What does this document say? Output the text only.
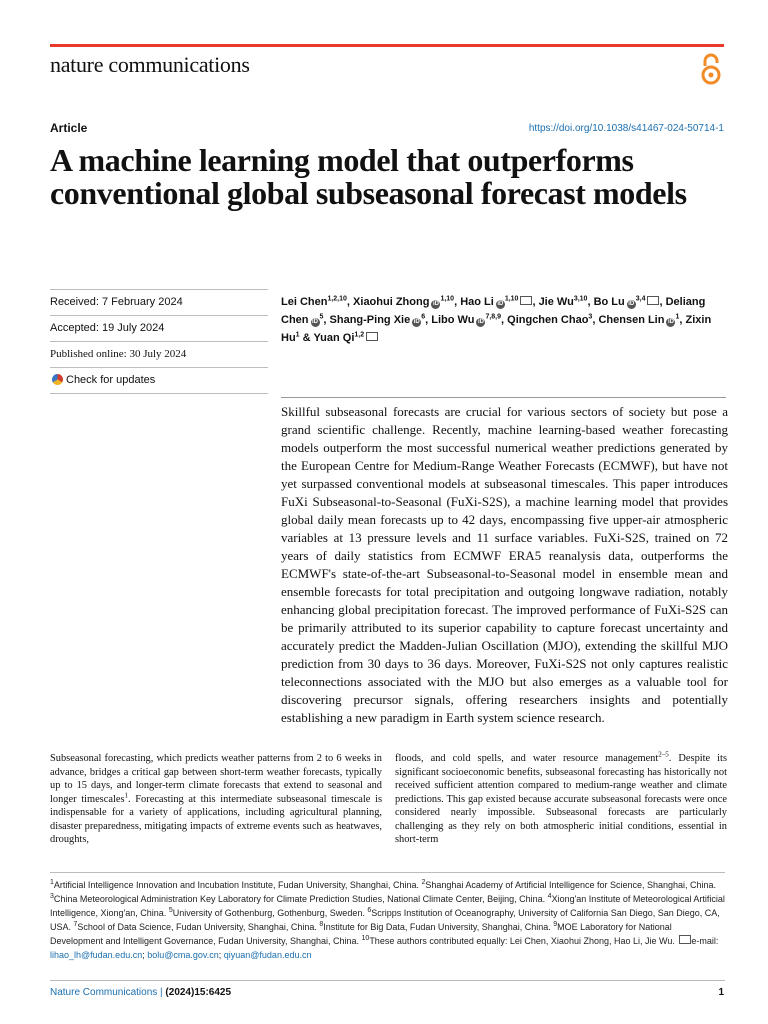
nature communications
Article	https://doi.org/10.1038/s41467-024-50714-1
A machine learning model that outperforms conventional global subseasonal forecast models
Received: 7 February 2024
Accepted: 19 July 2024
Published online: 30 July 2024
Check for updates
Lei Chen$^{1,2,10}$, Xiaohui Zhong iD$^{1,10}$, Hao Li iD$^{1,10}$ , Jie Wu$^{3,10}$, Bo Lu iD$^{3,4}$ , Deliang Chen $iD^5$, Shang-Ping Xie $iD^6$, Libo Wu iD$^{7,8,9}$, Qingchen Chao$^3$, Chensen Lin $iD^1$, Zixin Hu$^1$ & Yuan Qi$^{1,2}$

Skillful subseasonal forecasts are crucial for various sectors of society but pose a grand scientific challenge. Recently, machine learning-based weather forecasting models outperform the most successful numerical weather predictions generated by the European Centre for Medium-Range Weather Forecasts (ECMWF), but have not yet surpassed conventional models at subseasonal timescales. This paper introduces FuXi Subseasonal-to-Seasonal (FuXi-S2S), a machine learning model that provides global daily mean forecasts up to 42 days, encompassing five upper-air atmospheric variables at 13 pressure levels and 11 surface variables. FuXi-S2S, trained on 72 years of daily statistics from ECMWF ERA5 reanalysis data, outperforms the ECMWF's state-of-the-art Subseasonal-to-Seasonal model in ensemble mean and ensemble forecasts for total precipitation and outgoing longwave radiation, notably enhancing global precipitation forecast. The improved performance of FuXi-S2S can be primarily attributed to its superior capability to capture forecast uncertainty and accurately predict the Madden-Julian Oscillation (MJO), extending the skillful MJO prediction from 30 days to 36 days. Moreover, FuXi-S2S not only captures realistic teleconnections associated with the MJO but also emerges as a valuable tool for discovering precursor signals, offering researchers insights and potentially establishing a new paradigm in Earth system science research.

Subseasonal forecasting, which predicts weather patterns from 2 to 6 weeks in advance, bridges a critical gap between short-term weather forecasts, typically up to 15 days, and longer-term climate forecasts that extend to seasonal and longer timescales$^1$. Forecasting at this intermediate subseasonal timescale is indispensable for a variety of applications, including agricultural planning, disaster preparedness, mitigating impacts of extreme events such as heatwaves, droughts,

floods, and cold spells, and water resource management$^{2-5}$. Despite its significant socioeconomic benefits, subseasonal forecasting has historically not received sufficient attention compared to medium-range weather and climate predictions. This gap existed because accurate subseasonal forecasts were once considered nearly impossible. Subseasonal forecasts are particularly challenging as they rely on both atmospheric initial conditions, essential in short-term

$^1$Artificial Intelligence Innovation and Incubation Institute, Fudan University, Shanghai, China. $^2$Shanghai Academy of Artificial Intelligence for Science, Shanghai, China. $^3$China Meteorological Administration Key Laboratory for Climate Prediction Studies, National Climate Center, Beijing, China. $^4$Xiong'an Institute of Meteorological Artificial Intelligence, Xiong'an, China. $^5$University of Gothenburg, Gothenburg, Sweden. $^6$Scripps Institution of Oceanography, University of California San Diego, San Diego, CA, USA. $^7$School of Data Science, Fudan University, Shanghai, China. $^8$Institute for Big Data, Fudan University, Shanghai, China. $^9$MOE Laboratory for National Development and Intelligent Governance, Fudan University, Shanghai, China. $^{10}$These authors contributed equally: Lei Chen, Xiaohui Zhong, Hao Li, Jie Wu. e-mail: lihao_lh@fudan.edu.cn; bolu@cma.gov.cn; qiyuan@fudan.edu.cn

Nature Communications | (2024)15:6425	1
